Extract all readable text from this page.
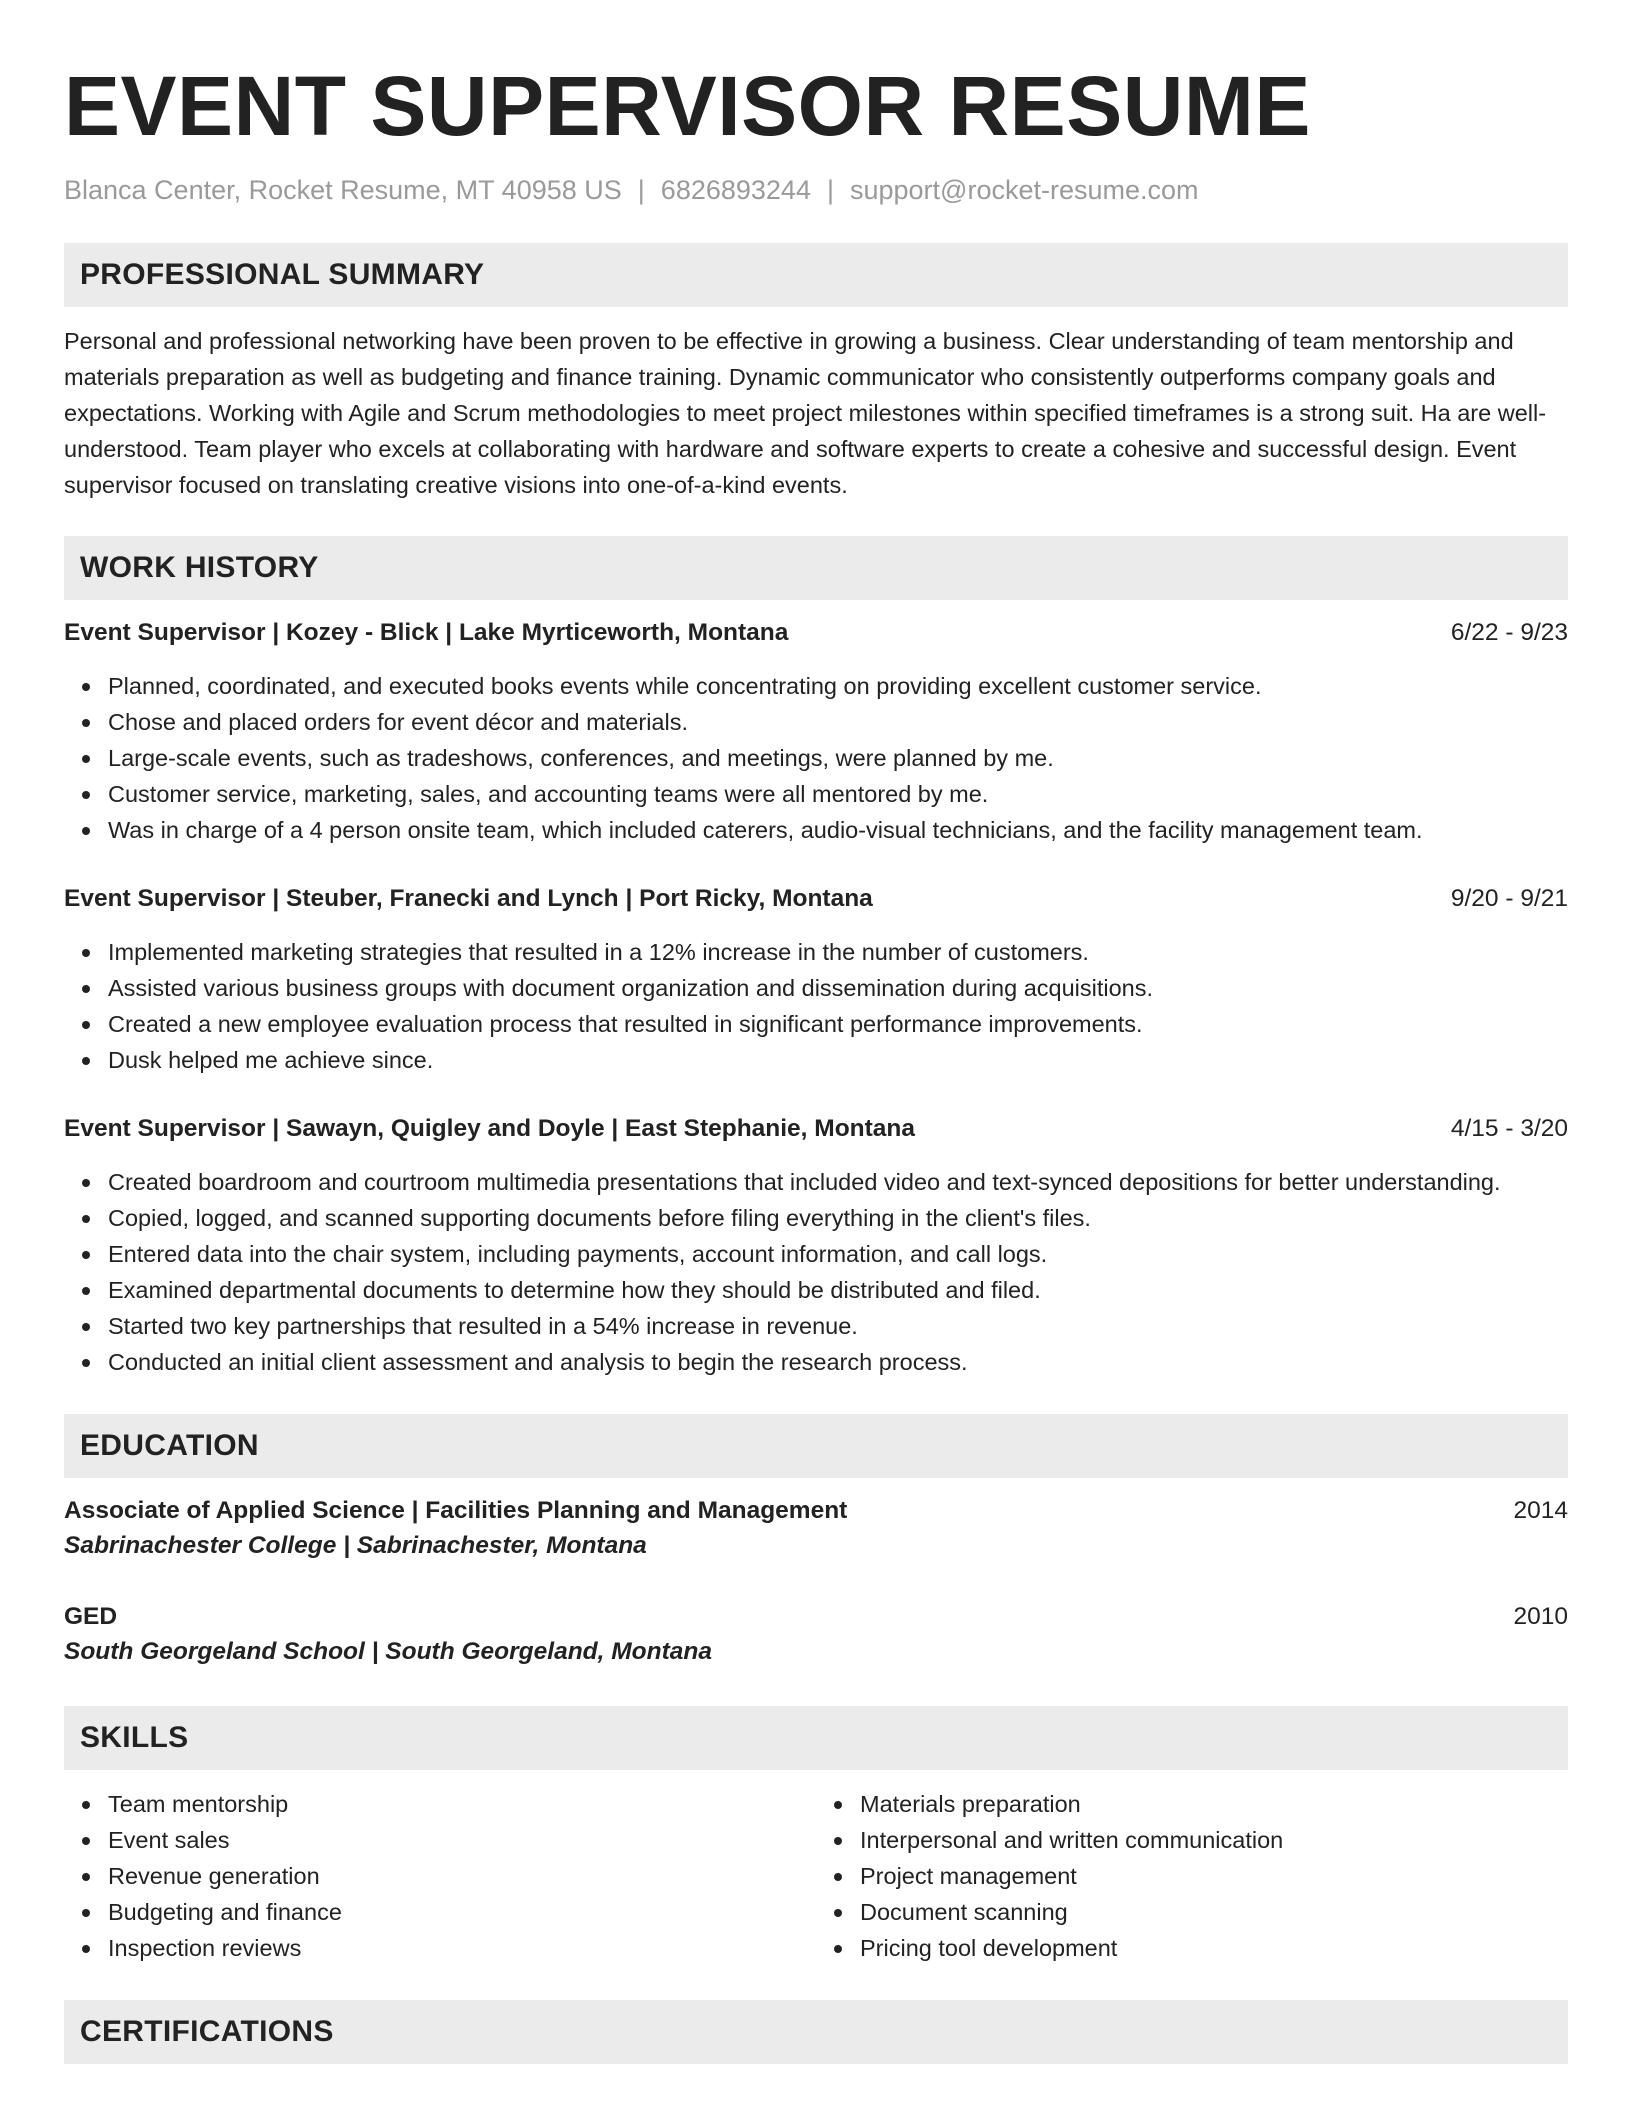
EVENT SUPERVISOR RESUME
Blanca Center, Rocket Resume, MT 40958 US | 6826893244 | support@rocket-resume.com
PROFESSIONAL SUMMARY

Personal and professional networking have been proven to be effective in growing a business. Clear understanding of team mentorship and materials preparation as well as budgeting and finance training. Dynamic communicator who consistently outperforms company goals and expectations. Working with Agile and Scrum methodologies to meet project milestones within specified timeframes is a strong suit. Ha are well-understood. Team player who excels at collaborating with hardware and software experts to create a cohesive and successful design. Event supervisor focused on translating creative visions into one-of-a-kind events.

WORK HISTORY
Event Supervisor | Kozey - Blick | Lake Myrticeworth, Montana	6/22 - 9/23
Planned, coordinated, and executed books events while concentrating on providing excellent customer service.
Chose and placed orders for event décor and materials.
Large-scale events, such as tradeshows, conferences, and meetings, were planned by me.
Customer service, marketing, sales, and accounting teams were all mentored by me.
Was in charge of a 4 person onsite team, which included caterers, audio-visual technicians, and the facility management team.
Event Supervisor | Steuber, Franecki and Lynch | Port Ricky, Montana	9/20 - 9/21
Implemented marketing strategies that resulted in a 12% increase in the number of customers.
Assisted various business groups with document organization and dissemination during acquisitions.
Created a new employee evaluation process that resulted in significant performance improvements.
Dusk helped me achieve since.
Event Supervisor | Sawayn, Quigley and Doyle | East Stephanie, Montana	4/15 - 3/20
Created boardroom and courtroom multimedia presentations that included video and text-synced depositions for better understanding.
Copied, logged, and scanned supporting documents before filing everything in the client's files.
Entered data into the chair system, including payments, account information, and call logs.
Examined departmental documents to determine how they should be distributed and filed.
Started two key partnerships that resulted in a 54% increase in revenue.
Conducted an initial client assessment and analysis to begin the research process.
EDUCATION
Associate of Applied Science | Facilities Planning and Management	2014
Sabrinachester College | Sabrinachester, Montana
GED	2010
South Georgeland School | South Georgeland, Montana
SKILLS
Team mentorship
Event sales
Revenue generation
Budgeting and finance
Inspection reviews
Materials preparation
Interpersonal and written communication
Project management
Document scanning
Pricing tool development
CERTIFICATIONS
